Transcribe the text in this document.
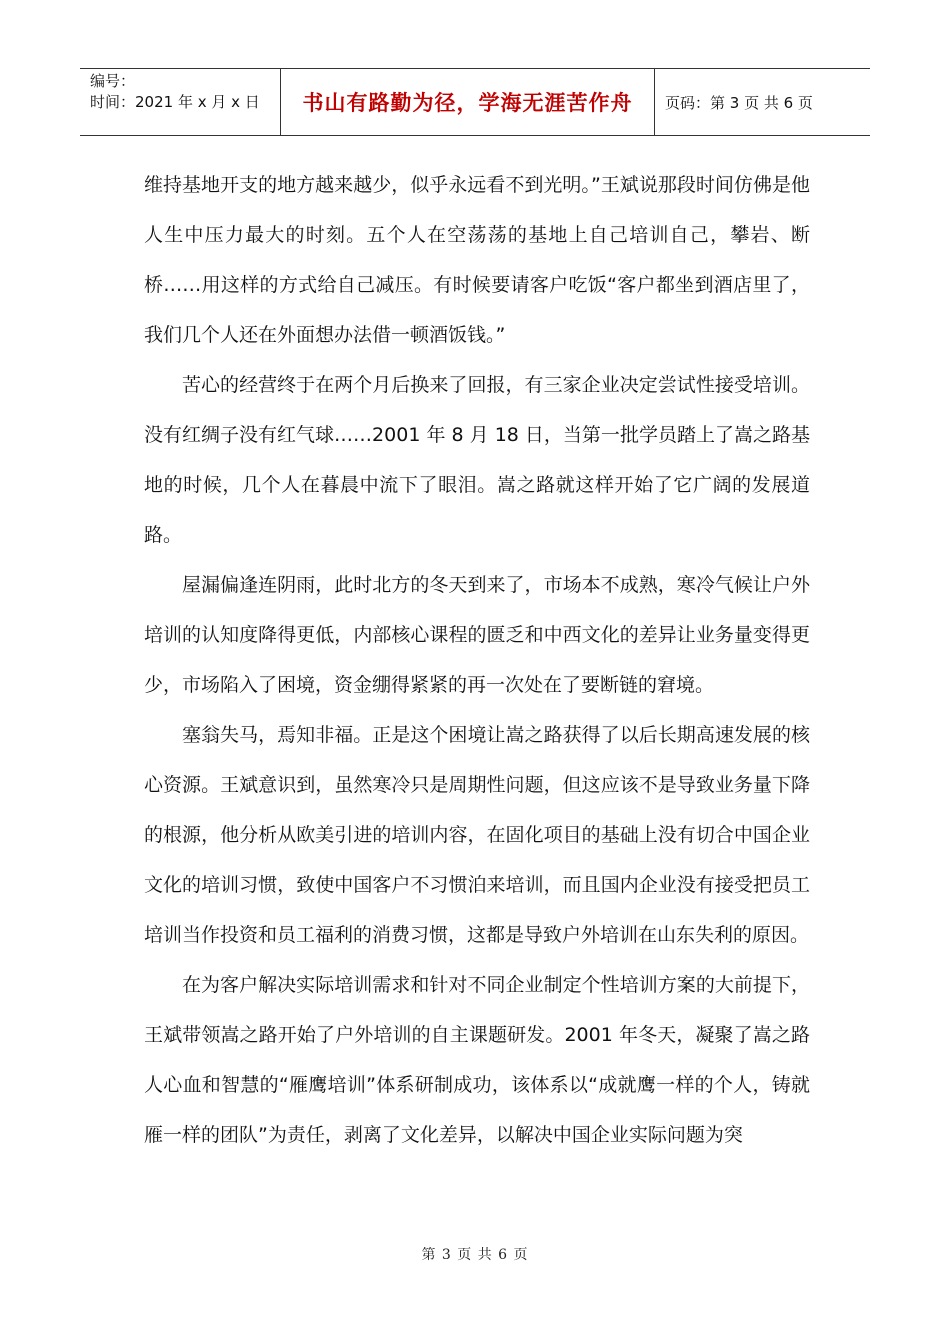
编号：
时间：2021 年 x 月 x 日	书山有路勤为径，学海无涯苦作舟	页码：第 3 页 共 6 页

维持基地开支的地方越来越少，似乎永远看不到光明。”王斌说那段时间仿佛是他人生中压力最大的时刻。五个人在空荡荡的基地上自己培训自己，攀岩、断桥……用这样的方式给自己减压。有时候要请客户吃饭“客户都坐到酒店里了，我们几个人还在外面想办法借一顿酒饭钱。”

苦心的经营终于在两个月后换来了回报，有三家企业决定尝试性接受培训。没有红绸子没有红气球……2001 年 8 月 18 日，当第一批学员踏上了嵩之路基地的时候，几个人在暮晨中流下了眼泪。嵩之路就这样开始了它广阔的发展道路。

屋漏偏逢连阴雨，此时北方的冬天到来了，市场本不成熟，寒冷气候让户外培训的认知度降得更低，内部核心课程的匮乏和中西文化的差异让业务量变得更少，市场陷入了困境，资金绷得紧紧的再一次处在了要断链的窘境。

塞翁失马，焉知非福。正是这个困境让嵩之路获得了以后长期高速发展的核心资源。王斌意识到，虽然寒冷只是周期性问题，但这应该不是导致业务量下降的根源，他分析从欧美引进的培训内容，在固化项目的基础上没有切合中国企业文化的培训习惯，致使中国客户不习惯泊来培训，而且国内企业没有接受把员工培训当作投资和员工福利的消费习惯，这都是导致户外培训在山东失利的原因。

在为客户解决实际培训需求和针对不同企业制定个性培训方案的大前提下，王斌带领嵩之路开始了户外培训的自主课题研发。2001 年冬天，凝聚了嵩之路人心血和智慧的“雁鹰培训”体系研制成功，该体系以“成就鹰一样的个人，铸就雁一样的团队”为责任，剥离了文化差异，以解决中国企业实际问题为突

第 3 页 共 6 页
